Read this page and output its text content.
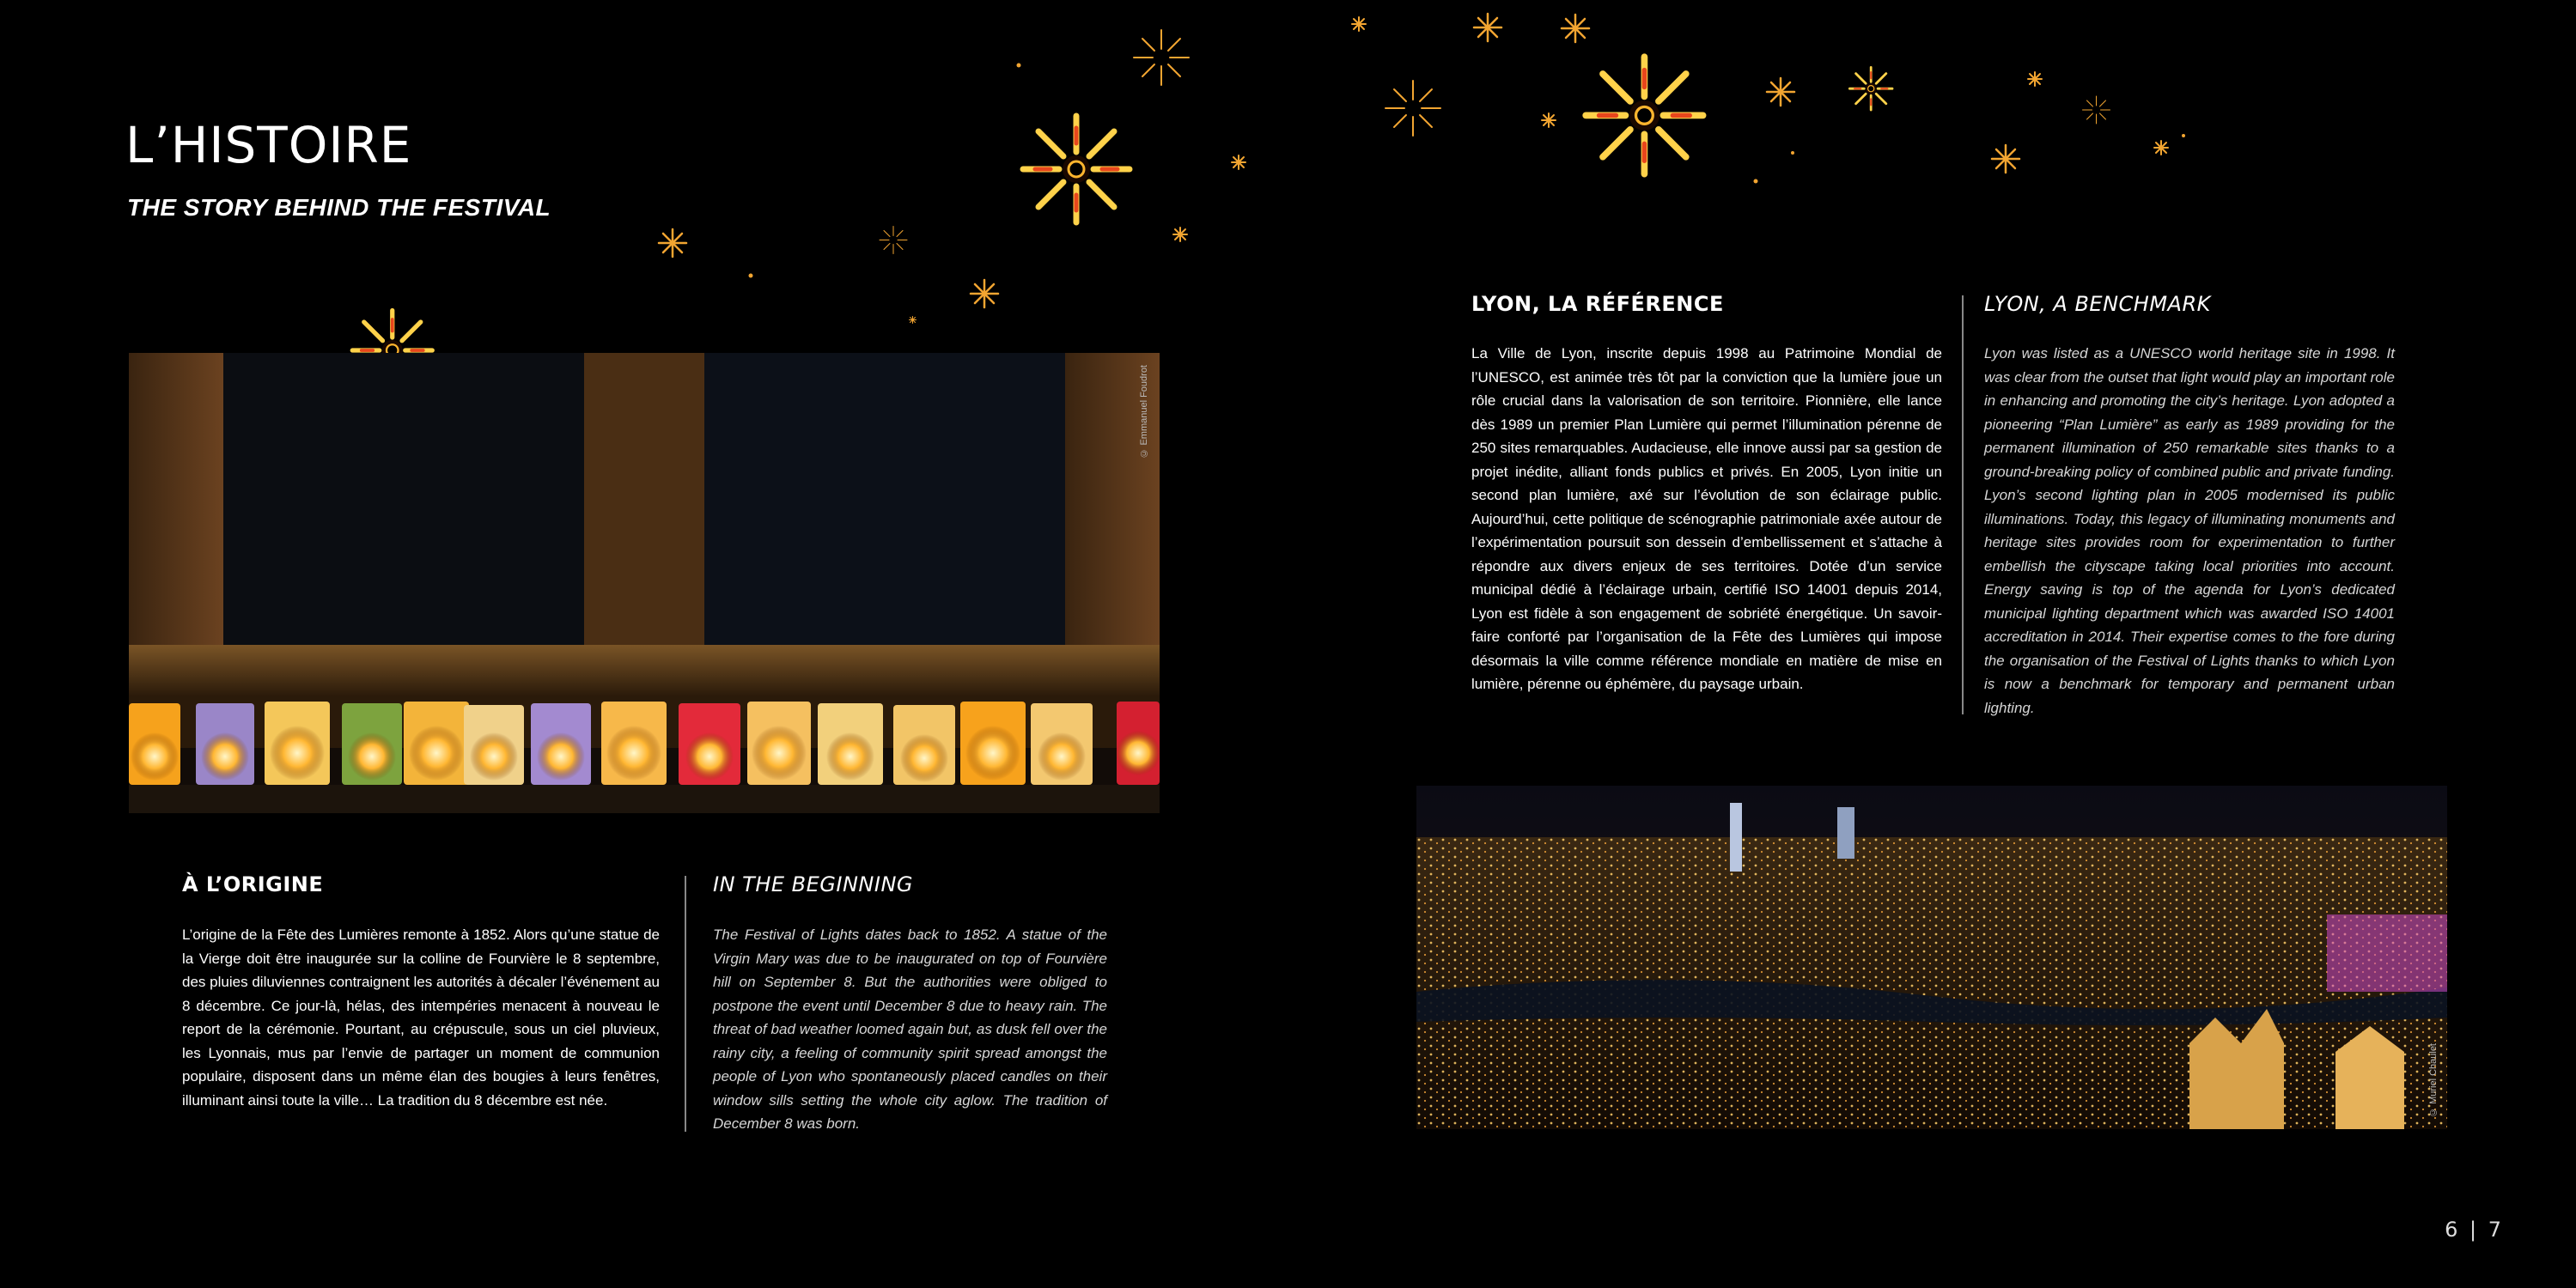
L’HISTOIRE
THE STORY BEHIND THE FESTIVAL
© Emmanuel Foudrot
© Muriel Chaulet
À L’ORIGINE

L’origine de la Fête des Lumières remonte à 1852. Alors qu’une statue de la Vierge doit être inaugurée sur la colline de Fourvière le 8 septembre, des pluies diluviennes contraignent les autorités à décaler l’événement au 8 décembre. Ce jour-là, hélas, des intempéries menacent à nouveau le report de la cérémonie. Pourtant, au crépuscule, sous un ciel pluvieux, les Lyonnais, mus par l’envie de partager un moment de communion populaire, disposent dans un même élan des bougies à leurs fenêtres, illuminant ainsi toute la ville… La tradition du 8 décembre est née.

IN THE BEGINNING

The Festival of Lights dates back to 1852. A statue of the Virgin Mary was due to be inaugurated on top of Fourvière hill on September 8. But the authorities were obliged to postpone the event until December 8 due to heavy rain. The threat of bad weather loomed again but, as dusk fell over the rainy city, a feeling of community spirit spread amongst the people of Lyon who spontaneously placed candles on their window sills setting the whole city aglow. The tradition of December 8 was born.

LYON, LA RÉFÉRENCE

La Ville de Lyon, inscrite depuis 1998 au Patrimoine Mondial de l’UNESCO, est animée très tôt par la conviction que la lumière joue un rôle crucial dans la valorisation de son territoire. Pionnière, elle lance dès 1989 un premier Plan Lumière qui permet l’illumination pérenne de 250 sites remarquables. Audacieuse, elle innove aussi par sa gestion de projet inédite, alliant fonds publics et privés. En 2005, Lyon initie un second plan lumière, axé sur l’évolution de son éclairage public. Aujourd’hui, cette politique de scénographie patrimoniale axée autour de l’expérimentation poursuit son dessein d’embellissement et s’attache à répondre aux divers enjeux de ses territoires. Dotée d’un service municipal dédié à l’éclairage urbain, certifié ISO 14001 depuis 2014, Lyon est fidèle à son engagement de sobriété énergétique. Un savoir-faire conforté par l’organisation de la Fête des Lumières qui impose désormais la ville comme référence mondiale en matière de mise en lumière, pérenne ou éphémère, du paysage urbain.

LYON, A BENCHMARK

Lyon was listed as a UNESCO world heritage site in 1998. It was clear from the outset that light would play an important role in enhancing and promoting the city’s heritage. Lyon adopted a pioneering “Plan Lumière” as early as 1989 providing for the permanent illumination of 250 remarkable sites thanks to a ground-breaking policy of combined public and private funding. Lyon’s second lighting plan in 2005 modernised its public illuminations. Today, this legacy of illuminating monuments and heritage sites provides room for experimentation to further embellish the cityscape taking local priorities into account. Energy saving is top of the agenda for Lyon’s dedicated municipal lighting department which was awarded ISO 14001 accreditation in 2014. Their expertise comes to the fore during the organisation of the Festival of Lights thanks to which Lyon is now a benchmark for temporary and permanent urban lighting.

6 | 7
